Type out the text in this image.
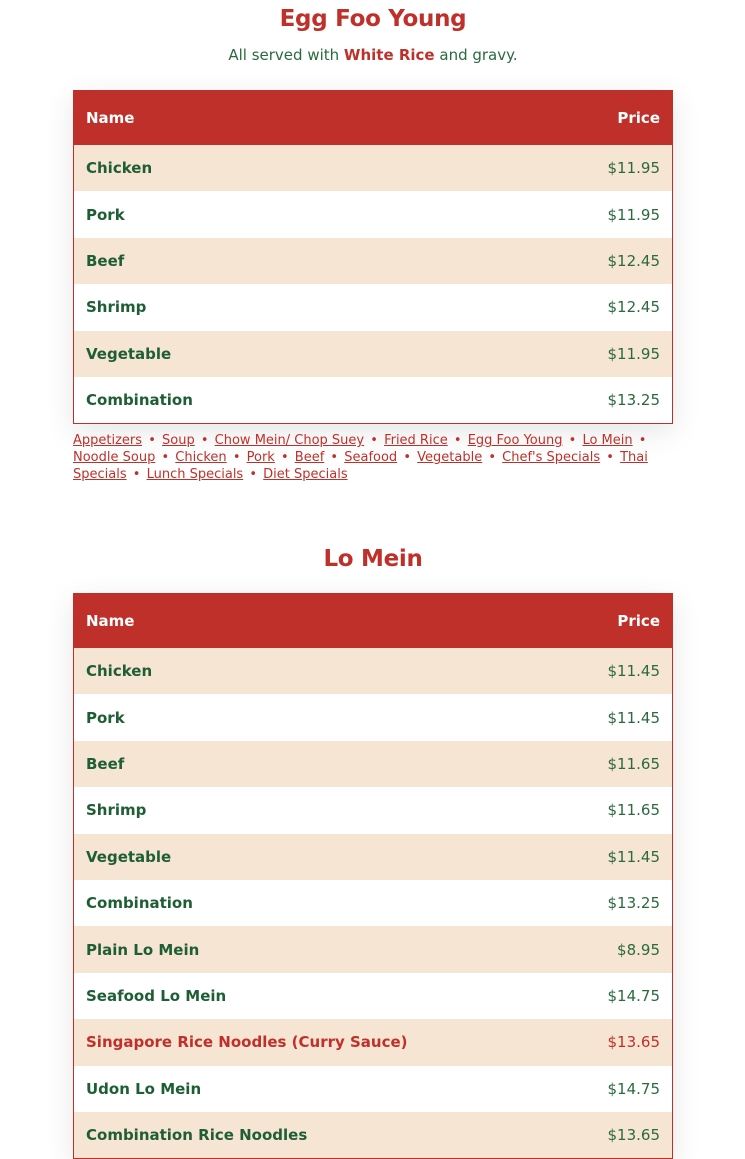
Egg Foo Young

All served with White Rice and gravy.

Name	Price
Chicken	$11.95
Pork	$11.95
Beef	$12.45
Shrimp	$12.45
Vegetable	$11.95
Combination	$13.25
Appetizers • Soup • Chow Mein/ Chop Suey • Fried Rice • Egg Foo Young • Lo Mein • Noodle Soup • Chicken • Pork • Beef • Seafood • Vegetable • Chef's Specials • Thai Specials • Lunch Specials • Diet Specials
Lo Mein
Name	Price
Chicken	$11.45
Pork	$11.45
Beef	$11.65
Shrimp	$11.65
Vegetable	$11.45
Combination	$13.25
Plain Lo Mein	$8.95
Seafood Lo Mein	$14.75
Singapore Rice Noodles (Curry Sauce)	$13.65
Udon Lo Mein	$14.75
Combination Rice Noodles	$13.65
